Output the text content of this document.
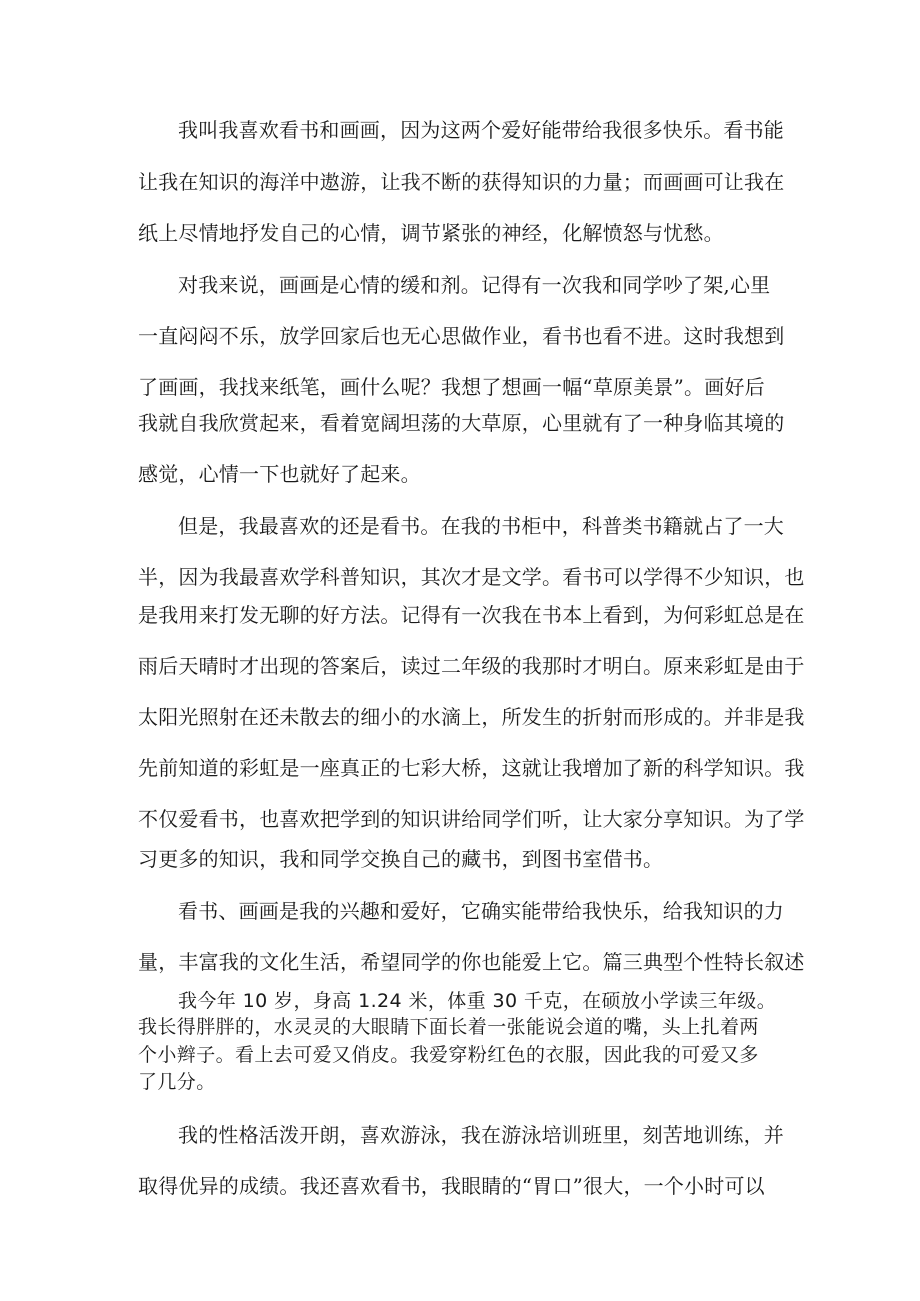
我叫我喜欢看书和画画，因为这两个爱好能带给我很多快乐。看书能
让我在知识的海洋中遨游，让我不断的获得知识的力量；而画画可让我在
纸上尽情地抒发自己的心情，调节紧张的神经，化解愤怒与忧愁。
对我来说，画画是心情的缓和剂。记得有一次我和同学吵了架,心里
一直闷闷不乐，放学回家后也无心思做作业，看书也看不进。这时我想到
了画画，我找来纸笔，画什么呢？我想了想画一幅“草原美景”。画好后
我就自我欣赏起来，看着宽阔坦荡的大草原，心里就有了一种身临其境的
感觉，心情一下也就好了起来。
但是，我最喜欢的还是看书。在我的书柜中，科普类书籍就占了一大
半，因为我最喜欢学科普知识，其次才是文学。看书可以学得不少知识，也
是我用来打发无聊的好方法。记得有一次我在书本上看到，为何彩虹总是在
雨后天晴时才出现的答案后，读过二年级的我那时才明白。原来彩虹是由于
太阳光照射在还未散去的细小的水滴上，所发生的折射而形成的。并非是我
先前知道的彩虹是一座真正的七彩大桥，这就让我增加了新的科学知识。我
不仅爱看书，也喜欢把学到的知识讲给同学们听，让大家分享知识。为了学
习更多的知识，我和同学交换自己的藏书，到图书室借书。
看书、画画是我的兴趣和爱好，它确实能带给我快乐，给我知识的力
量，丰富我的文化生活，希望同学的你也能爱上它。篇三典型个性特长叙述
我今年 10 岁，身高 1.24 米，体重 30 千克，在硕放小学读三年级。
我长得胖胖的，水灵灵的大眼睛下面长着一张能说会道的嘴，头上扎着两
个小辫子。看上去可爱又俏皮。我爱穿粉红色的衣服，因此我的可爱又多
了几分。
我的性格活泼开朗，喜欢游泳，我在游泳培训班里，刻苦地训练，并
取得优异的成绩。我还喜欢看书，我眼睛的“胃口”很大，一个小时可以
